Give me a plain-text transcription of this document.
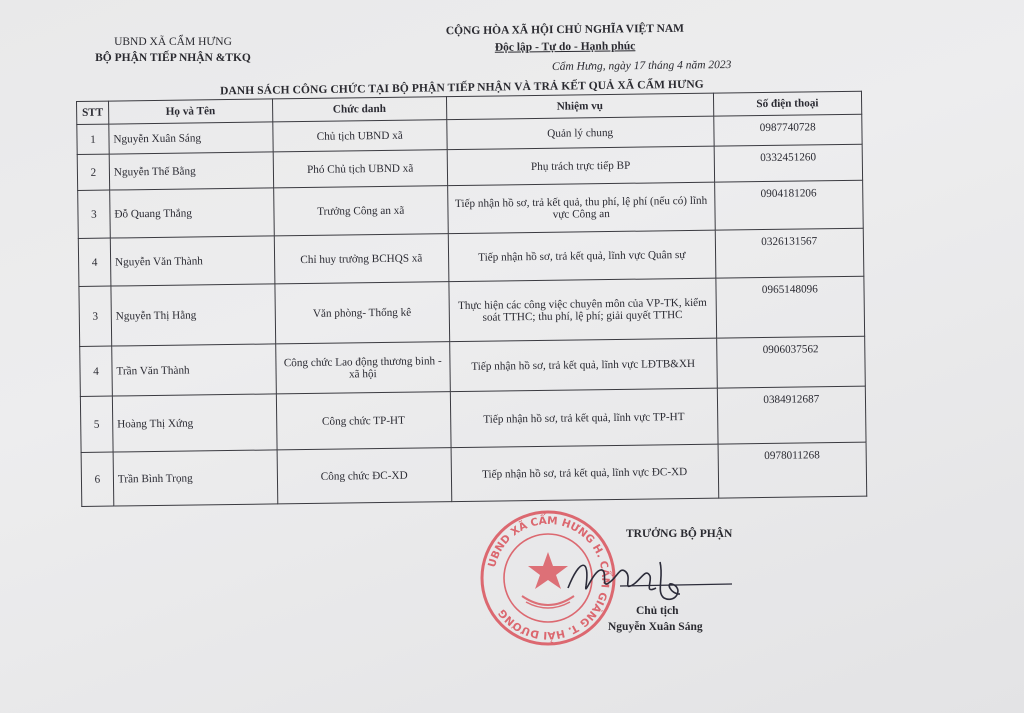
UBND XÃ CẨM HƯNG
BỘ PHẬN TIẾP NHẬN &TKQ
CỘNG HÒA XÃ HỘI CHỦ NGHĨA VIỆT NAM
Độc lập - Tự do - Hạnh phúc
Cẩm Hưng, ngày 17 tháng 4 năm 2023
DANH SÁCH CÔNG CHỨC TẠI BỘ PHẬN TIẾP NHẬN VÀ TRẢ KẾT QUẢ XÃ CẨM HƯNG
STT	Họ và Tên	Chức danh	Nhiệm vụ	Số điện thoại
1	Nguyễn Xuân Sáng	Chủ tịch UBND xã	Quản lý chung	0987740728
2	Nguyễn Thế Bằng	Phó Chủ tịch UBND xã	Phụ trách trực tiếp BP	0332451260
3	Đỗ Quang Thắng	Trưởng Công an xã	Tiếp nhận hồ sơ, trả kết quả, thu phí, lệ phí (nếu có) lĩnh vực Công an	0904181206
4	Nguyễn Văn Thành	Chỉ huy trưởng BCHQS xã	Tiếp nhận hồ sơ, trả kết quả, lĩnh vực Quân sự	0326131567
3	Nguyễn Thị Hằng	Văn phòng- Thống kê	Thực hiện các công việc chuyên môn của VP-TK, kiểm soát TTHC; thu phí, lệ phí; giải quyết TTHC	0965148096
4	Trần Văn Thành	Công chức Lao động thương binh - xã hội	Tiếp nhận hồ sơ, trả kết quả, lĩnh vực LĐTB&XH	0906037562
5	Hoàng Thị Xứng	Công chức TP-HT	Tiếp nhận hồ sơ, trả kết quả, lĩnh vực TP-HT	0384912687
6	Trần Bình Trọng	Công chức ĐC-XD	Tiếp nhận hồ sơ, trả kết quả, lĩnh vực ĐC-XD	0978011268
TRƯỞNG BỘ PHẬN
UBND XÃ CẨM HƯNG H. CẨM GIÀNG T. HẢI DƯƠNG	Chủ tịch
Nguyễn Xuân Sáng
